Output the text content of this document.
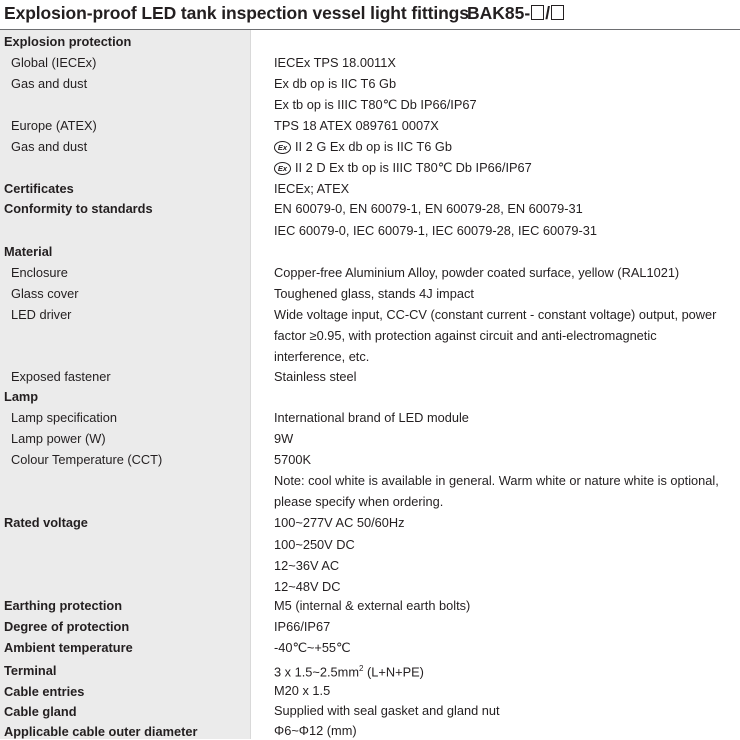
Explosion-proof LED tank inspection vessel light fittings
BAK85- /
Explosion protection
Global (IECEx)
Gas and dust
Europe (ATEX)
Gas and dust
Certificates
Conformity to standards
Material
Enclosure
Glass cover
LED driver
Exposed fastener
Lamp
Lamp specification
Lamp power (W)
Colour Temperature (CCT)
Rated voltage
Earthing protection
Degree of protection
Ambient temperature
Terminal
Cable entries
Cable gland
Applicable cable outer diameter
IECEx TPS 18.0011X
Ex db op is IIC T6 Gb
Ex tb op is IIIC T80℃ Db IP66/IP67
TPS 18 ATEX 089761 0007X
Ex II 2 G Ex db op is IIC T6 Gb
Ex II 2 D Ex tb op is IIIC T80℃ Db IP66/IP67
IECEx; ATEX
EN 60079-0, EN 60079-1, EN 60079-28, EN 60079-31
IEC 60079-0, IEC 60079-1, IEC 60079-28, IEC 60079-31
Copper-free Aluminium Alloy, powder coated surface, yellow (RAL1021)
Toughened glass, stands 4J impact
Wide voltage input, CC-CV (constant current - constant voltage) output, power
factor ≥0.95, with protection against circuit and anti-electromagnetic
interference, etc.
Stainless steel
International brand of LED module
9W
5700K
Note: cool white is available in general. Warm white or nature white is optional,
please specify when ordering.
100~277V AC 50/60Hz
100~250V DC
12~36V AC
12~48V DC
M5 (internal & external earth bolts)
IP66/IP67
-40℃~+55℃
3 x $1.5\sim 2.5mm^2$ (L+N+PE)
M20 x 1.5
Supplied with seal gasket and gland nut
Φ6~Φ12 (mm)
